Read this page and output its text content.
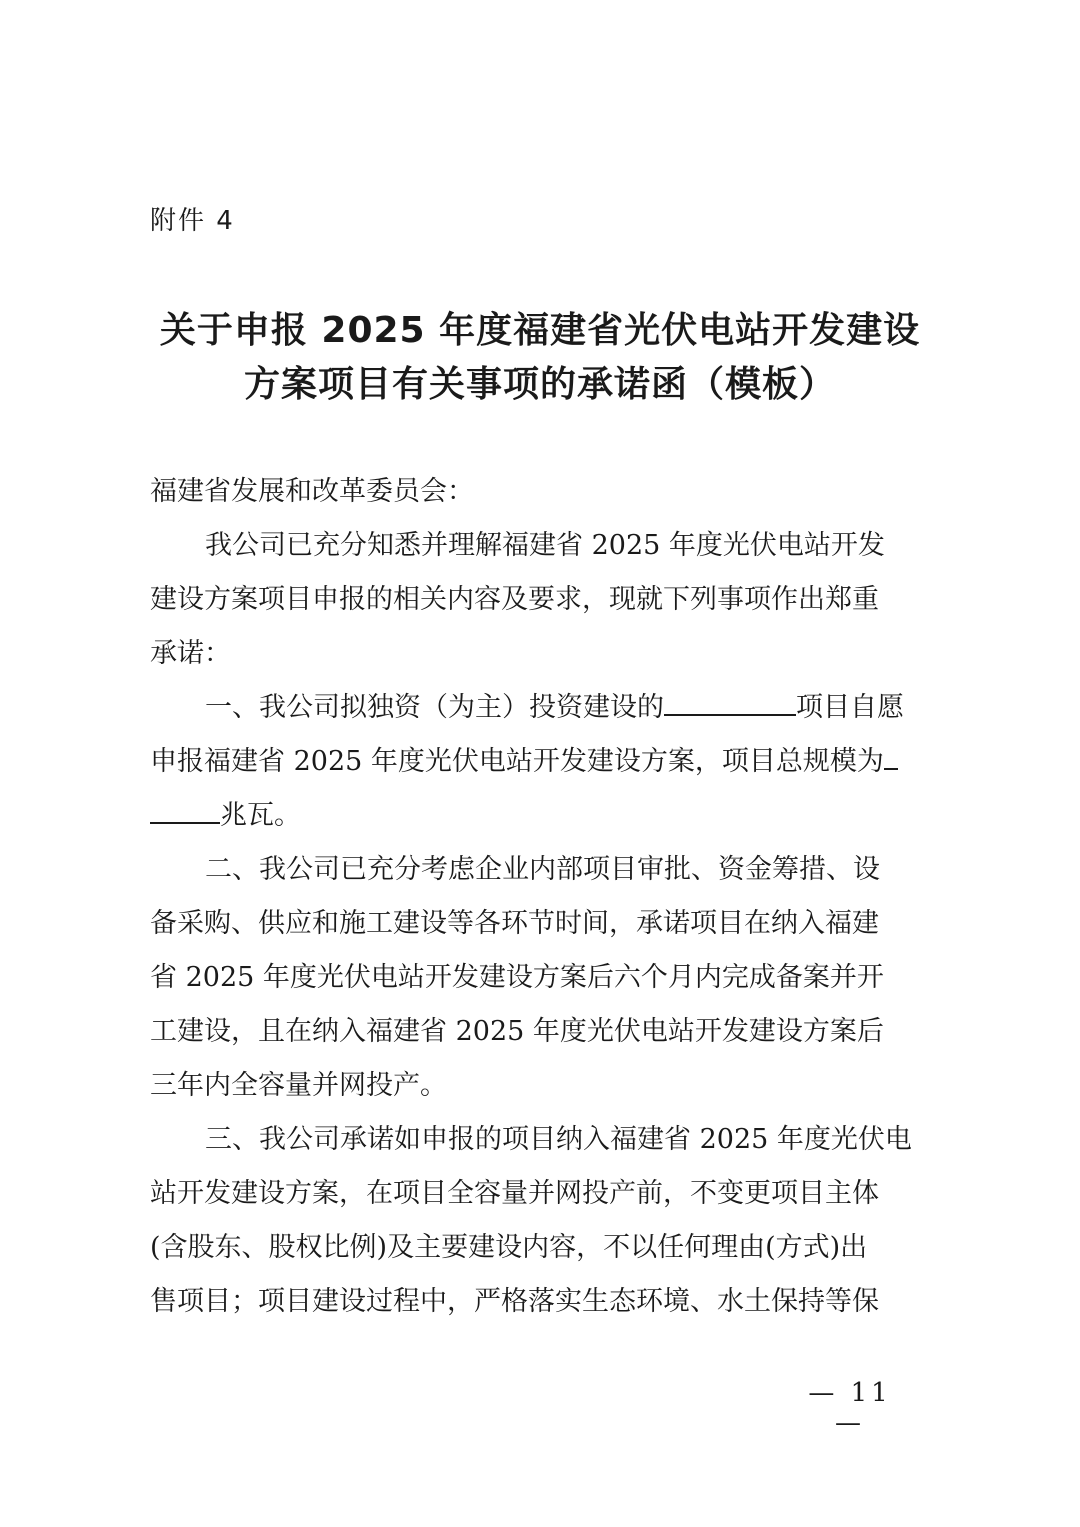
附件 4
关于申报 2025 年度福建省光伏电站开发建设
方案项目有关事项的承诺函（模板）
福建省发展和改革委员会：
我公司已充分知悉并理解福建省 2025 年度光伏电站开发
建设方案项目申报的相关内容及要求，现就下列事项作出郑重
承诺：
一、我公司拟独资（为主）投资建设的	项目自愿
申报福建省 2025 年度光伏电站开发建设方案，项目总规模为
兆瓦。
二、我公司已充分考虑企业内部项目审批、资金筹措、设
备采购、供应和施工建设等各环节时间，承诺项目在纳入福建
省 2025 年度光伏电站开发建设方案后六个月内完成备案并开
工建设，且在纳入福建省 2025 年度光伏电站开发建设方案后
三年内全容量并网投产。
三、我公司承诺如申报的项目纳入福建省 2025 年度光伏电
站开发建设方案，在项目全容量并网投产前，不变更项目主体
(含股东、股权比例)及主要建设内容，不以任何理由(方式)出
售项目；项目建设过程中，严格落实生态环境、水土保持等保
— 11 —
